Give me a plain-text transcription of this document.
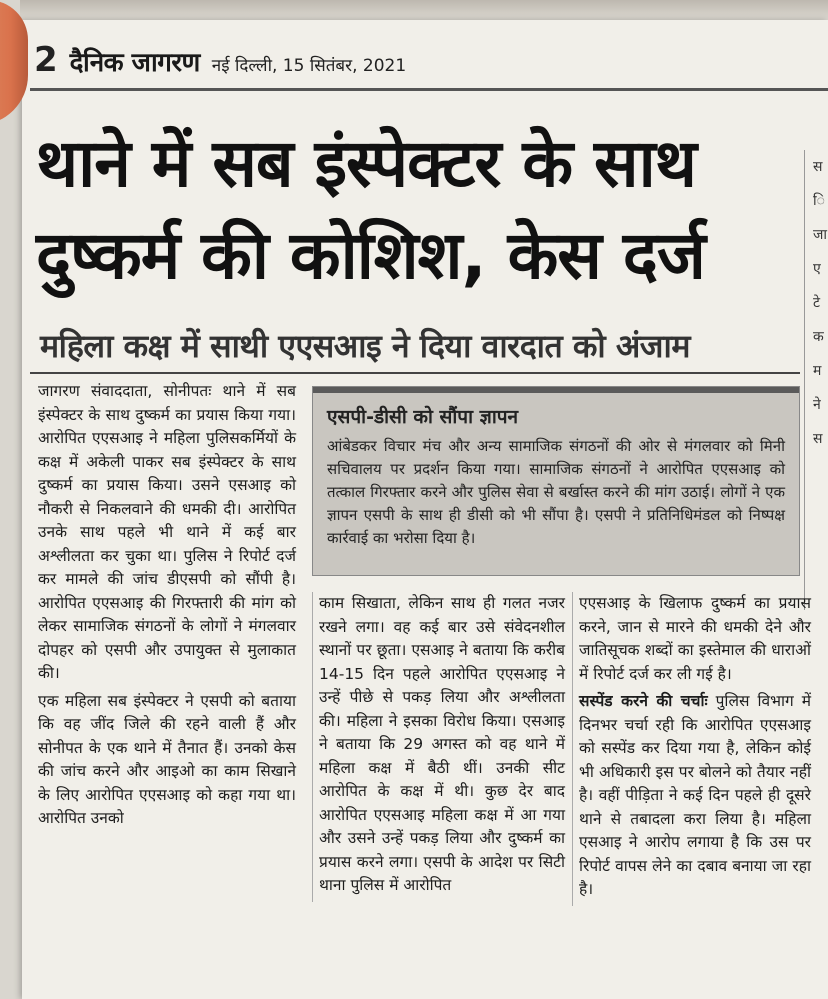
2 दैनिक जागरण नई दिल्ली, 15 सितंबर, 2021
थाने में सब इंस्पेक्टर के साथ दुष्कर्म की कोशिश, केस दर्ज
महिला कक्ष में साथी एएसआइ ने दिया वारदात को अंजाम
स
ि
जा
ए
टे
क
म
ने
स

जागरण संवाददाता, सोनीपतः थाने में सब इंस्पेक्टर के साथ दुष्कर्म का प्रयास किया गया। आरोपित एएसआइ ने महिला पुलिसकर्मियों के कक्ष में अकेली पाकर सब इंस्पेक्टर के साथ दुष्कर्म का प्रयास किया। उसने एसआइ को नौकरी से निकलवाने की धमकी दी। आरोपित उनके साथ पहले भी थाने में कई बार अश्लीलता कर चुका था। पुलिस ने रिपोर्ट दर्ज कर मामले की जांच डीएसपी को सौंपी है। आरोपित एएसआइ की गिरफ्तारी की मांग को लेकर सामाजिक संगठनों के लोगों ने मंगलवार दोपहर को एसपी और उपायुक्त से मुलाकात की।

एक महिला सब इंस्पेक्टर ने एसपी को बताया कि वह जींद जिले की रहने वाली हैं और सोनीपत के एक थाने में तैनात हैं। उनको केस की जांच करने और आइओ का काम सिखाने के लिए आरोपित एएसआइ को कहा गया था। आरोपित उनको

एसपी-डीसी को सौंपा ज्ञापन

आंबेडकर विचार मंच और अन्य सामाजिक संगठनों की ओर से मंगलवार को मिनी सचिवालय पर प्रदर्शन किया गया। सामाजिक संगठनों ने आरोपित एएसआइ को तत्काल गिरफ्तार करने और पुलिस सेवा से बर्खास्त करने की मांग उठाई। लोगों ने एक ज्ञापन एसपी के साथ ही डीसी को भी सौंपा है। एसपी ने प्रतिनिधिमंडल को निष्पक्ष कार्रवाई का भरोसा दिया है।

काम सिखाता, लेकिन साथ ही गलत नजर रखने लगा। वह कई बार उसे संवेदनशील स्थानों पर छूता। एसआइ ने बताया कि करीब 14-15 दिन पहले आरोपित एएसआइ ने उन्हें पीछे से पकड़ लिया और अश्लीलता की। महिला ने इसका विरोध किया। एसआइ ने बताया कि 29 अगस्त को वह थाने में महिला कक्ष में बैठी थीं। उनकी सीट आरोपित के कक्ष में थी। कुछ देर बाद आरोपित एएसआइ महिला कक्ष में आ गया और उसने उन्हें पकड़ लिया और दुष्कर्म का प्रयास करने लगा। एसपी के आदेश पर सिटी थाना पुलिस में आरोपित

एएसआइ के खिलाफ दुष्कर्म का प्रयास करने, जान से मारने की धमकी देने और जातिसूचक शब्दों का इस्तेमाल की धाराओं में रिपोर्ट दर्ज कर ली गई है।

सस्पेंड करने की चर्चाः पुलिस विभाग में दिनभर चर्चा रही कि आरोपित एएसआइ को सस्पेंड कर दिया गया है, लेकिन कोई भी अधिकारी इस पर बोलने को तैयार नहीं है। वहीं पीड़िता ने कई दिन पहले ही दूसरे थाने से तबादला करा लिया है। महिला एसआइ ने आरोप लगाया है कि उस पर रिपोर्ट वापस लेने का दबाव बनाया जा रहा है।
